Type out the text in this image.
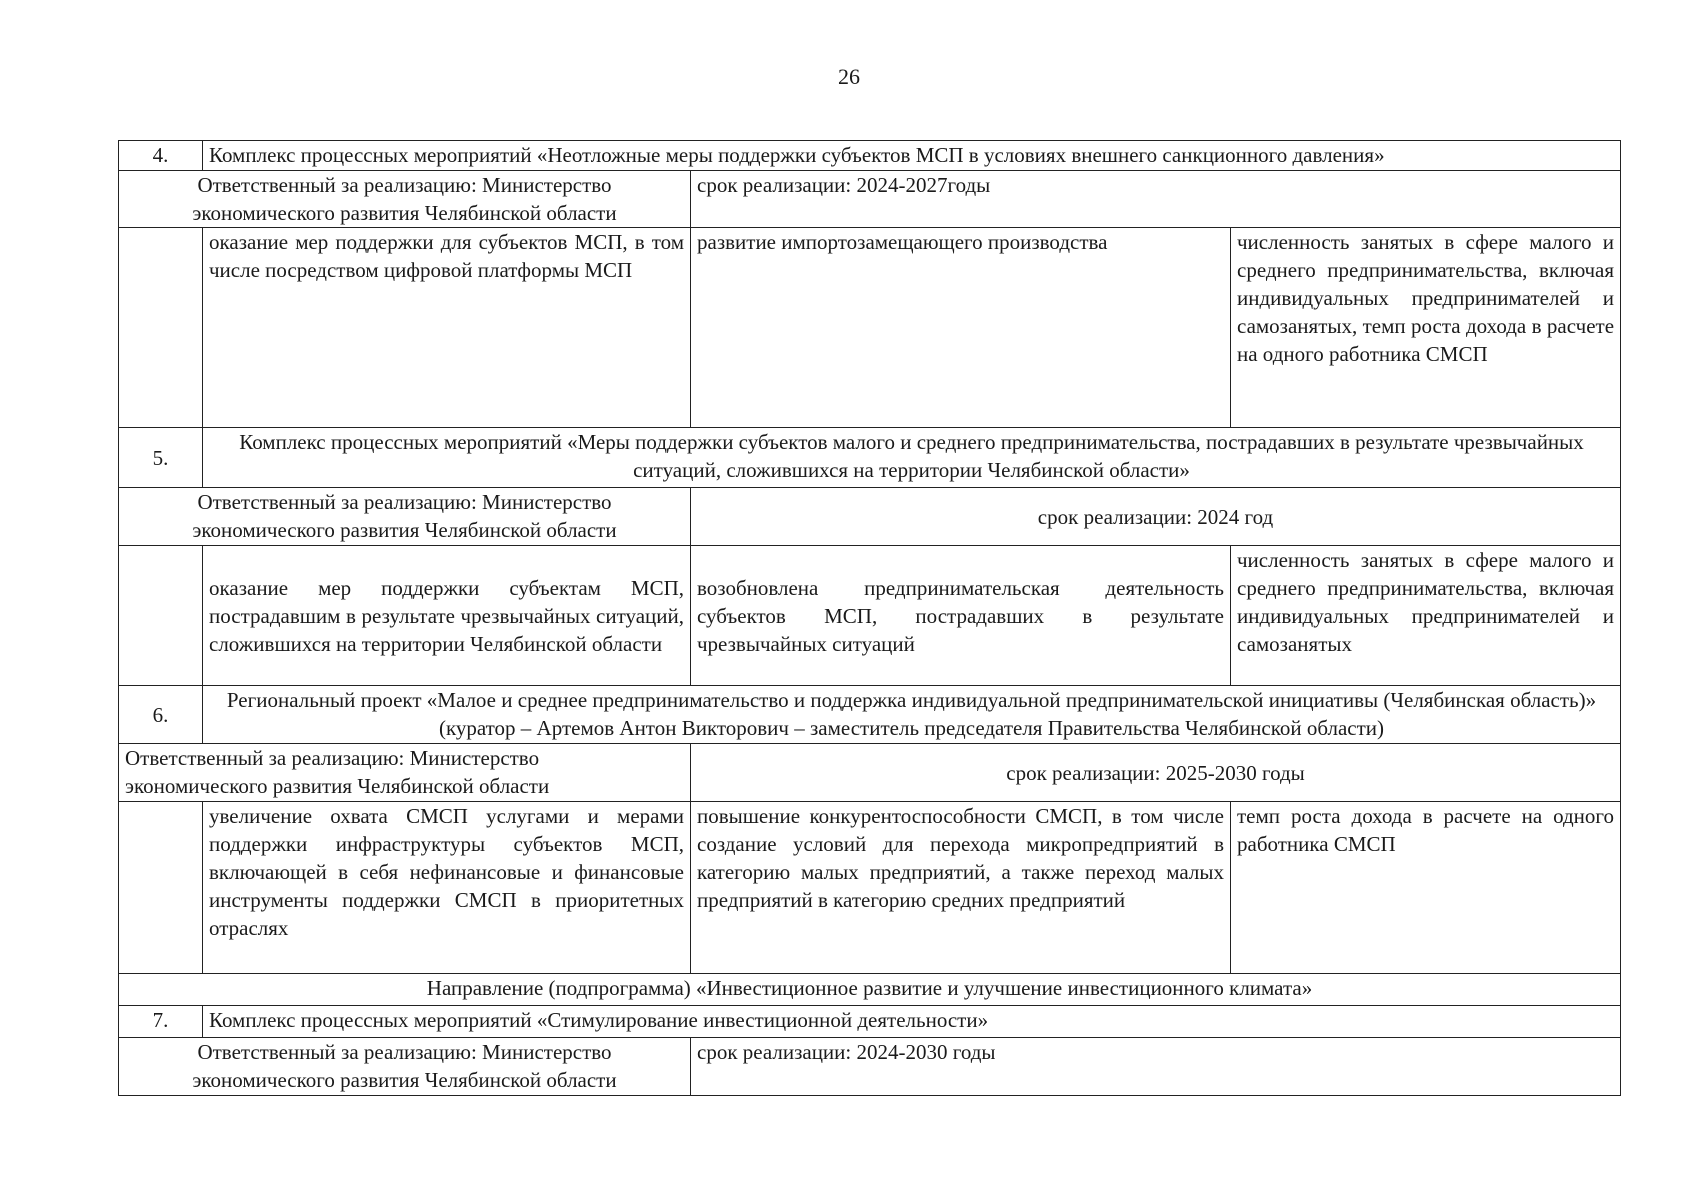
26
4.	Комплекс процессных мероприятий «Неотложные меры поддержки субъектов МСП в условиях внешнего санкционного давления»		
Ответственный за реализацию: Министерство экономического развития Челябинской области		срок реализации: 2024-2027годы	
	оказание мер поддержки для субъектов МСП, в том числе посредством цифровой платформы МСП	развитие импортозамещающего производства	численность занятых в сфере малого и среднего предпринимательства, включая индивидуальных предпринимателей и самозанятых, темп роста дохода в расчете на одного работника СМСП
5.	Комплекс процессных мероприятий «Меры поддержки субъектов малого и среднего предпринимательства, пострадавших в результате чрезвычайных ситуаций, сложившихся на территории Челябинской области»		
Ответственный за реализацию: Министерство экономического развития Челябинской области		срок реализации: 2024 год	
	оказание мер поддержки субъектам МСП, пострадавшим в результате чрезвычайных ситуаций, сложившихся на территории Челябинской области	возобновлена предпринимательская деятельность субъектов МСП, пострадавших в результате чрезвычайных ситуаций	численность занятых в сфере малого и среднего предпринимательства, включая индивидуальных предпринимателей и самозанятых
6.	Региональный проект «Малое и среднее предпринимательство и поддержка индивидуальной предпринимательской инициативы (Челябинская область)» (куратор – Артемов Антон Викторович – заместитель председателя Правительства Челябинской области)		
Ответственный за реализацию: Министерство экономического развития Челябинской области		срок реализации: 2025-2030 годы	
	увеличение охвата СМСП услугами и мерами поддержки инфраструктуры субъектов МСП, включающей в себя нефинансовые и финансовые инструменты поддержки СМСП в приоритетных отраслях	повышение конкурентоспособности СМСП, в том числе создание условий для перехода микропредприятий в категорию малых предприятий, а также переход малых предприятий в категорию средних предприятий	темп роста дохода в расчете на одного работника СМСП
Направление (подпрограмма) «Инвестиционное развитие и улучшение инвестиционного климата»			
7.	Комплекс процессных мероприятий «Стимулирование инвестиционной деятельности»		
Ответственный за реализацию: Министерство экономического развития Челябинской области		срок реализации: 2024-2030 годы	
